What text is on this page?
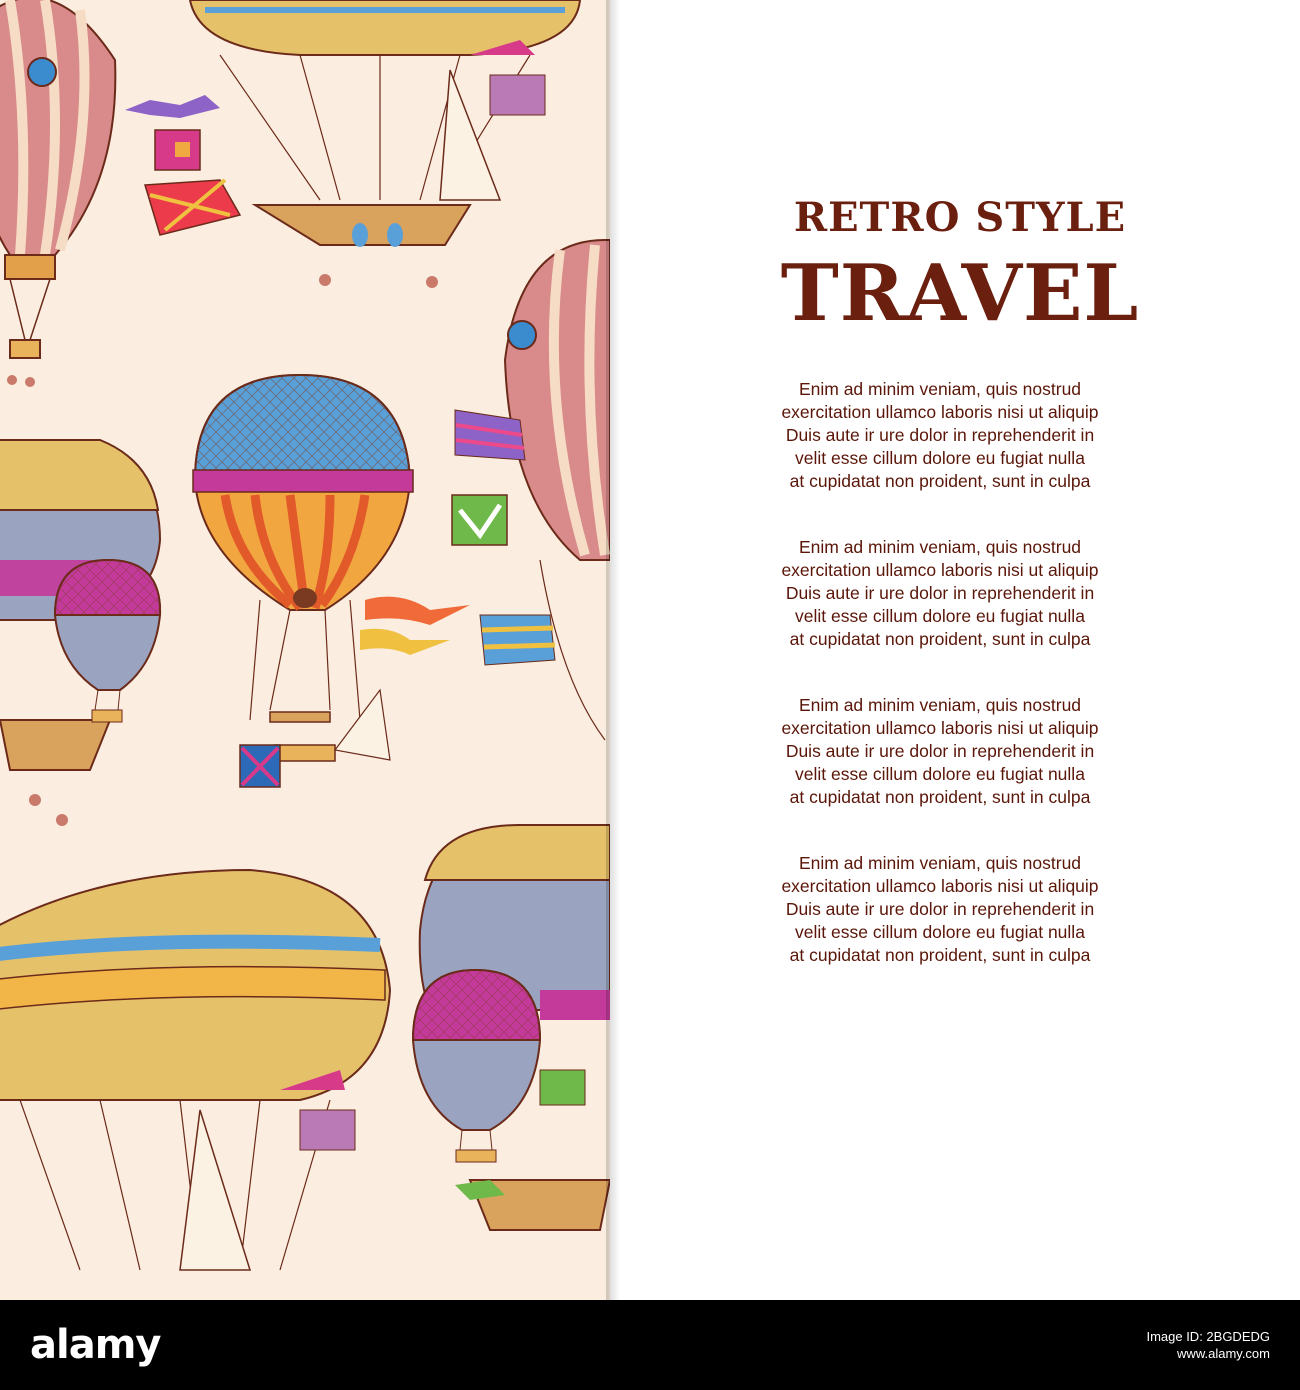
RETRO STYLE
TRAVEL
Enim ad minim veniam, quis nostrud
exercitation ullamco laboris nisi ut aliquip
Duis aute ir ure dolor in reprehenderit in
velit esse cillum dolore eu fugiat nulla
at cupidatat non proident, sunt in culpa
Enim ad minim veniam, quis nostrud
exercitation ullamco laboris nisi ut aliquip
Duis aute ir ure dolor in reprehenderit in
velit esse cillum dolore eu fugiat nulla
at cupidatat non proident, sunt in culpa
Enim ad minim veniam, quis nostrud
exercitation ullamco laboris nisi ut aliquip
Duis aute ir ure dolor in reprehenderit in
velit esse cillum dolore eu fugiat nulla
at cupidatat non proident, sunt in culpa
Enim ad minim veniam, quis nostrud
exercitation ullamco laboris nisi ut aliquip
Duis aute ir ure dolor in reprehenderit in
velit esse cillum dolore eu fugiat nulla
at cupidatat non proident, sunt in culpa
alamy	Image ID: 2BGDEDG
www.alamy.com
